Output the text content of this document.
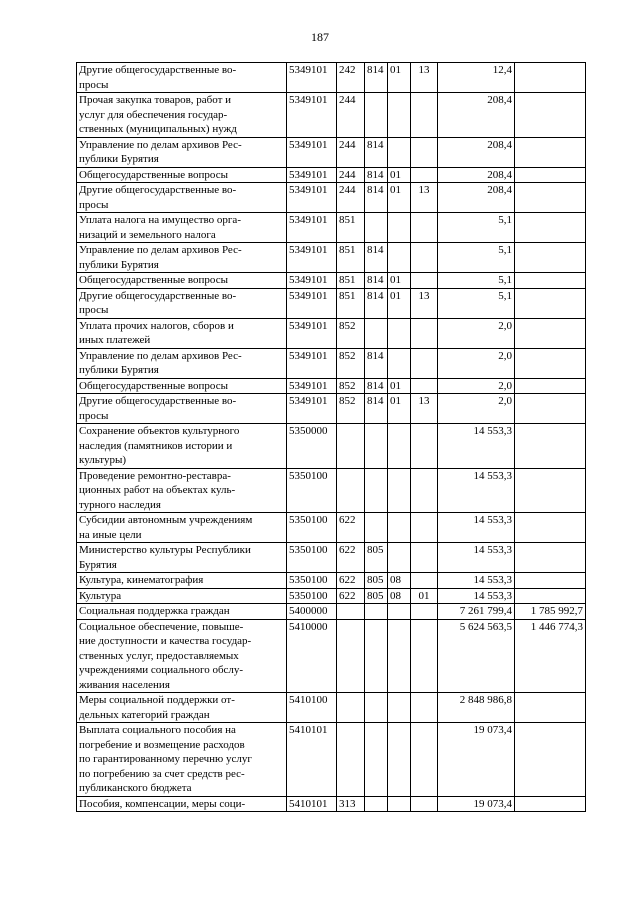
187
Другие общегосударственные во-
просы	5349101	242	814	01	13	12,4	

Прочая закупка товаров, работ и
услуг для обеспечения государ-
ственных (муниципальных) нужд	5349101	244				208,4	

Управление по делам архивов Рес-
публики Бурятия	5349101	244	814			208,4	

Общегосударственные вопросы	5349101	244	814	01		208,4	

Другие общегосударственные во-
просы	5349101	244	814	01	13	208,4	

Уплата налога на имущество орга-
низаций и земельного налога	5349101	851				5,1	

Управление по делам архивов Рес-
публики Бурятия	5349101	851	814			5,1	

Общегосударственные вопросы	5349101	851	814	01		5,1	

Другие общегосударственные во-
просы	5349101	851	814	01	13	5,1	

Уплата прочих налогов, сборов и
иных платежей	5349101	852				2,0	

Управление по делам архивов Рес-
публики Бурятия	5349101	852	814			2,0	

Общегосударственные вопросы	5349101	852	814	01		2,0	

Другие общегосударственные во-
просы	5349101	852	814	01	13	2,0	

Сохранение объектов культурного
наследия (памятников истории и
культуры)	5350000					14 553,3	

Проведение ремонтно-реставра-
ционных работ на объектах куль-
турного наследия	5350100					14 553,3	

Субсидии автономным учреждениям
на иные цели	5350100	622				14 553,3	

Министерство культуры Республики
Бурятия	5350100	622	805			14 553,3	

Культура, кинематография	5350100	622	805	08		14 553,3	

Культура	5350100	622	805	08	01	14 553,3	

Социальная поддержка граждан	5400000					7 261 799,4	1 785 992,7

Социальное обеспечение, повыше-
ние доступности и качества государ-
ственных услуг, предоставляемых
учреждениями социального обслу-
живания населения	5410000					5 624 563,5	1 446 774,3

Меры социальной поддержки от-
дельных категорий граждан	5410100					2 848 986,8	

Выплата социального пособия на
погребение и возмещение расходов
по гарантированному перечню услуг
по погребению за счет средств рес-
публиканского бюджета	5410101					19 073,4	

Пособия, компенсации, меры соци-	5410101	313				19 073,4	
